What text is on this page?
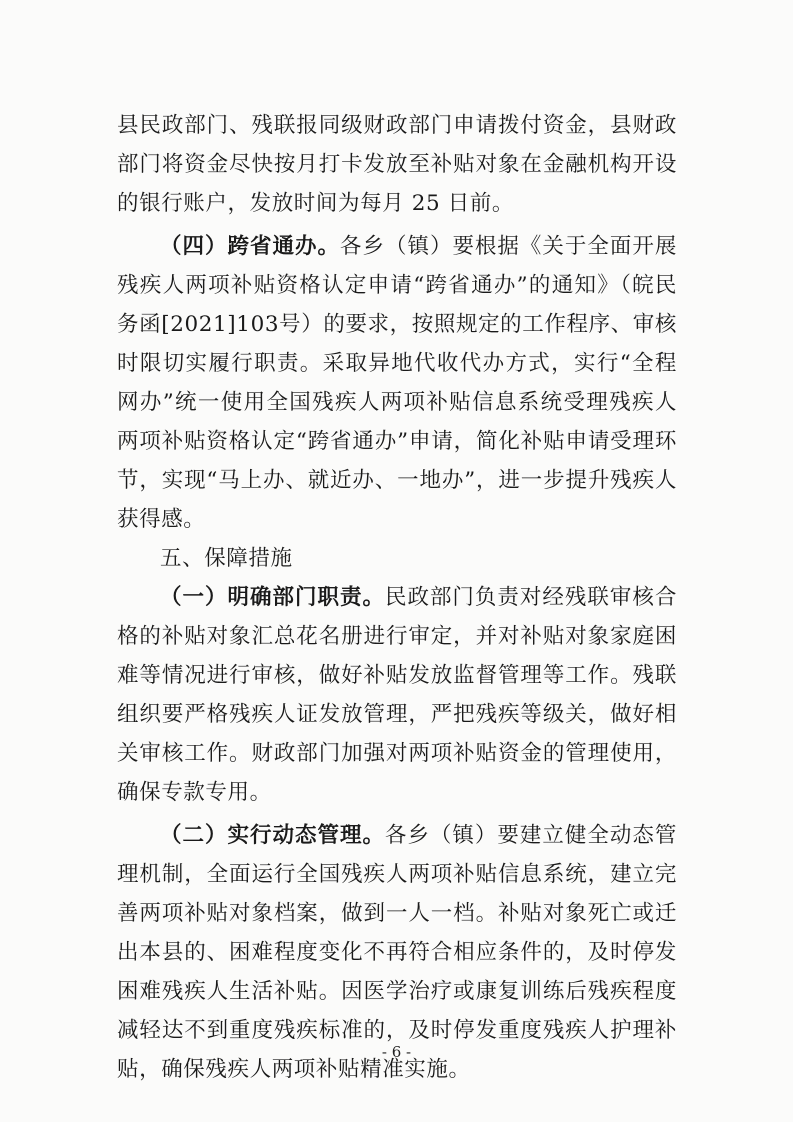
县民政部门、残联报同级财政部门申请拨付资金，县财政部门将资金尽快按月打卡发放至补贴对象在金融机构开设的银行账户，发放时间为每月 25 日前。

（四）跨省通办。各乡（镇）要根据《关于全面开展残疾人两项补贴资格认定申请“跨省通办”的通知》（皖民务函[2021]103号）的要求，按照规定的工作程序、审核时限切实履行职责。采取异地代收代办方式，实行“全程网办”统一使用全国残疾人两项补贴信息系统受理残疾人两项补贴资格认定“跨省通办”申请，简化补贴申请受理环节，实现“马上办、就近办、一地办”，进一步提升残疾人获得感。

五、保障措施

（一）明确部门职责。民政部门负责对经残联审核合格的补贴对象汇总花名册进行审定，并对补贴对象家庭困难等情况进行审核，做好补贴发放监督管理等工作。残联组织要严格残疾人证发放管理，严把残疾等级关，做好相关审核工作。财政部门加强对两项补贴资金的管理使用，确保专款专用。

（二）实行动态管理。各乡（镇）要建立健全动态管理机制，全面运行全国残疾人两项补贴信息系统，建立完善两项补贴对象档案，做到一人一档。补贴对象死亡或迁出本县的、困难程度变化不再符合相应条件的，及时停发困难残疾人生活补贴。因医学治疗或康复训练后残疾程度减轻达不到重度残疾标准的，及时停发重度残疾人护理补贴，确保残疾人两项补贴精准实施。

- 6 -
